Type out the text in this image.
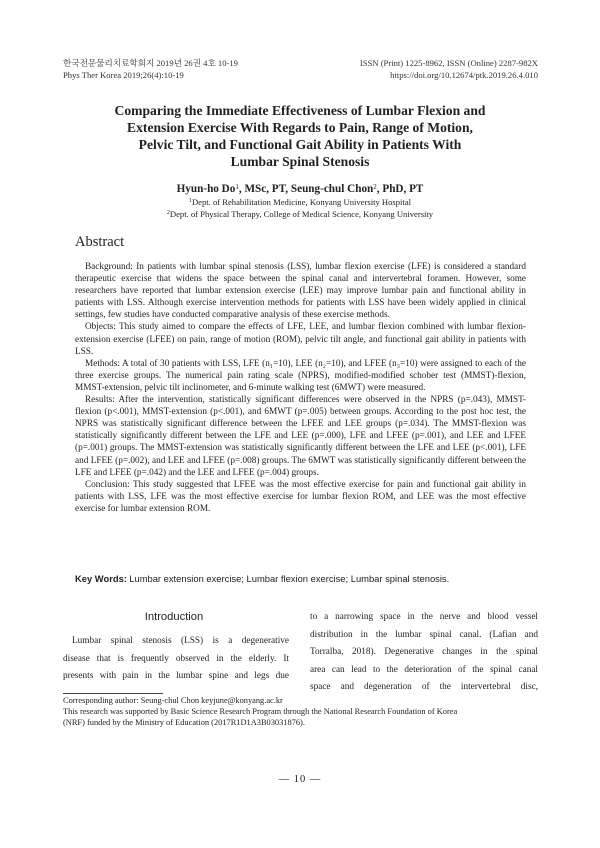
한국전문물리치료학회지 2019년 26권 4호 10-19
Phys Ther Korea 2019;26(4):10-19
ISSN (Print) 1225-8962, ISSN (Online) 2287-982X
https://doi.org/10.12674/ptk.2019.26.4.010
Comparing the Immediate Effectiveness of Lumbar Flexion and
Extension Exercise With Regards to Pain, Range of Motion,
Pelvic Tilt, and Functional Gait Ability in Patients With
Lumbar Spinal Stenosis
Hyun-ho Do$^1$, MSc, PT, Seung-chul Chon$^2$, PhD, PT
$^1$Dept. of Rehabilitation Medicine, Konyang University Hospital
$^2$Dept. of Physical Therapy, College of Medical Science, Konyang University
Abstract

Background: In patients with lumbar spinal stenosis (LSS), lumbar flexion exercise (LFE) is considered a standard therapeutic exercise that widens the space between the spinal canal and intervertebral foramen. However, some researchers have reported that lumbar extension exercise (LEE) may improve lumbar pain and functional ability in patients with LSS. Although exercise intervention methods for patients with LSS have been widely applied in clinical settings, few studies have conducted comparative analysis of these exercise methods.

Objects: This study aimed to compare the effects of LFE, LEE, and lumbar flexion combined with lumbar flexion-extension exercise (LFEE) on pain, range of motion (ROM), pelvic tilt angle, and functional gait ability in patients with LSS.

Methods: A total of 30 patients with LSS, LFE (n₁=10), LEE (n₂=10), and LFEE (n₃=10) were assigned to each of the three exercise groups. The numerical pain rating scale (NPRS), modified-modified schober test (MMST)-flexion, MMST-extension, pelvic tilt inclinometer, and 6-minute walking test (6MWT) were measured.

Results: After the intervention, statistically significant differences were observed in the NPRS (p=.043), MMST-flexion (p<.001), MMST-extension (p<.001), and 6MWT (p=.005) between groups. According to the post hoc test, the NPRS was statistically significant difference between the LFEE and LEE groups (p=.034). The MMST-flexion was statistically significantly different between the LFE and LEE (p=.000), LFE and LFEE (p=.001), and LEE and LFEE (p=.001) groups. The MMST-extension was statistically significantly different between the LFE and LEE (p<.001), LFE and LFEE (p=.002), and LEE and LFEE (p=.008) groups. The 6MWT was statistically significantly different between the LFE and LFEE (p=.042) and the LEE and LFEE (p=.004) groups.

Conclusion: This study suggested that LFEE was the most effective exercise for pain and functional gait ability in patients with LSS, LFE was the most effective exercise for lumbar flexion ROM, and LEE was the most effective exercise for lumbar extension ROM.

Key Words: Lumbar extension exercise; Lumbar flexion exercise; Lumbar spinal stenosis.
Introduction
Lumbar spinal stenosis (LSS) is a degenerative
disease that is frequently observed in the elderly. It
presents with pain in the lumbar spine and legs due
to a narrowing space in the nerve and blood vessel
distribution in the lumbar spinal canal. (Lafian and
Torralba, 2018). Degenerative changes in the spinal
area can lead to the deterioration of the spinal canal
space and degeneration of the intervertebral disc,
Corresponding author: Seung-chul Chon keyjune@konyang.ac.kr
This research was supported by Basic Science Research Program through the National Research Foundation of Korea
(NRF) funded by the Ministry of Education (2017R1D1A3B03031876).
― 10 ―
